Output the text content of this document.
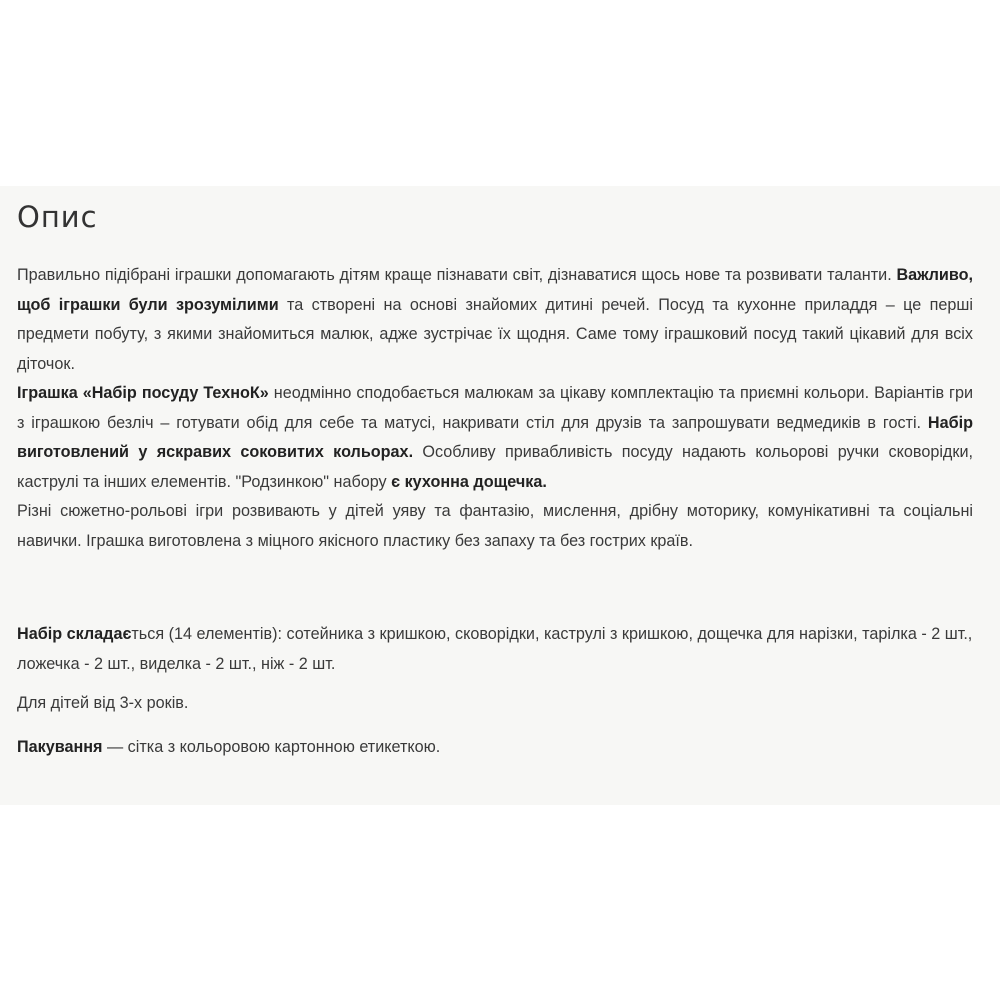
Опис

Правильно підібрані іграшки допомагають дітям краще пізнавати світ, дізнаватися щось нове та розвивати таланти. Важливо, щоб іграшки були зрозумілими та створені на основі знайомих дитині речей. Посуд та кухонне приладдя – це перші предмети побуту, з якими знайомиться малюк, адже зустрічає їх щодня. Саме тому іграшковий посуд такий цікавий для всіх діточок.

Іграшка «Набір посуду ТехноК» неодмінно сподобається малюкам за цікаву комплектацію та приємні кольори. Варіантів гри з іграшкою безліч – готувати обід для себе та матусі, накривати стіл для друзів та запрошувати ведмедиків в гості. Набір виготовлений у яскравих соковитих кольорах. Особливу привабливість посуду надають кольорові ручки сковорідки, каструлі та інших елементів. "Родзинкою" набору є кухонна дощечка.

Різні сюжетно-рольові ігри розвивають у дітей уяву та фантазію, мислення, дрібну моторику, комунікативні та соціальні навички. Іграшка виготовлена з міцного якісного пластику без запаху та без гострих країв.

Набір складається (14 елементів): сотейника з кришкою, сковорідки, каструлі з кришкою, дощечка для нарізки, тарілка - 2 шт., ложечка - 2 шт., виделка - 2 шт., ніж - 2 шт.

Для дітей від 3-х років.

Пакування — сітка з кольоровою картонною етикеткою.
